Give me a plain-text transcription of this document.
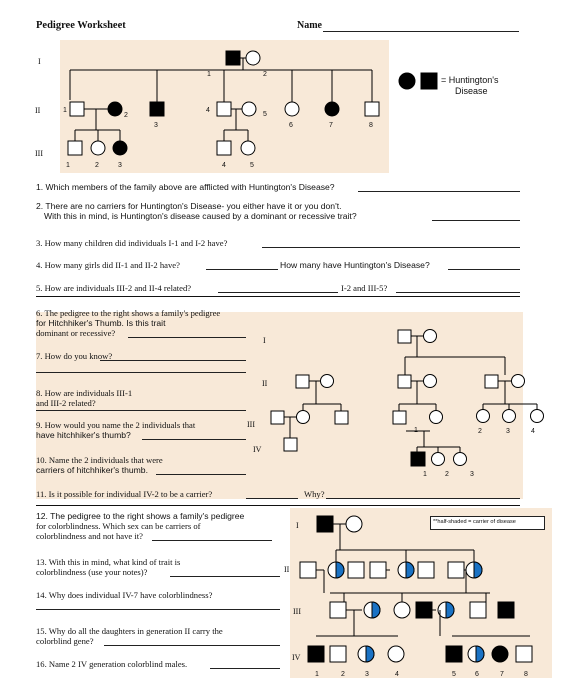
Pedigree Worksheet	Name
I
II
III
1	2
1
2
3
4
5
6	7	8
1	2	3	4	5
= Huntington's
Disease
1. Which members of the family above are afflicted with Huntington's Disease?
2. There are no carriers for Huntington's Disease- you either have it or you don't.
With this in mind, is Huntington's disease caused by a dominant or recessive trait?
3. How many children did individuals I-1 and I-2 have?
4. How many girls did II-1 and II-2 have?	How many have Huntington's Disease?
5. How are individuals III-2 and II-4 related?	I-2 and III-5?
I
II
III
IV
1	2	3
1	2	3	4
6. The pedigree to the right shows a family's pedigree
for Hitchhiker's Thumb. Is this trait
dominant or recessive?
7. How do you know?
8. How are individuals III-1
and III-2 related?
9. How would you name the 2 individuals that
have hitchhiker's thumb?
10. Name the 2 individuals that were
carriers of hitchhiker's thumb.
11. Is it possible for individual IV-2 to be a carrier?	Why?
**half-shaded = carrier of disease
I
II
III
IV
1	2	3	4	5	6	7	8
12. The pedigree to the right shows a family's pedigree
for colorblindness. Which sex can be carriers of
colorblindness and not have it?
13. With this in mind, what kind of trait is
colorblindness (use your notes)?
14. Why does individual IV-7 have colorblindness?
15. Why do all the daughters in generation II carry the
colorblind gene?
16. Name 2 IV generation colorblind males.
